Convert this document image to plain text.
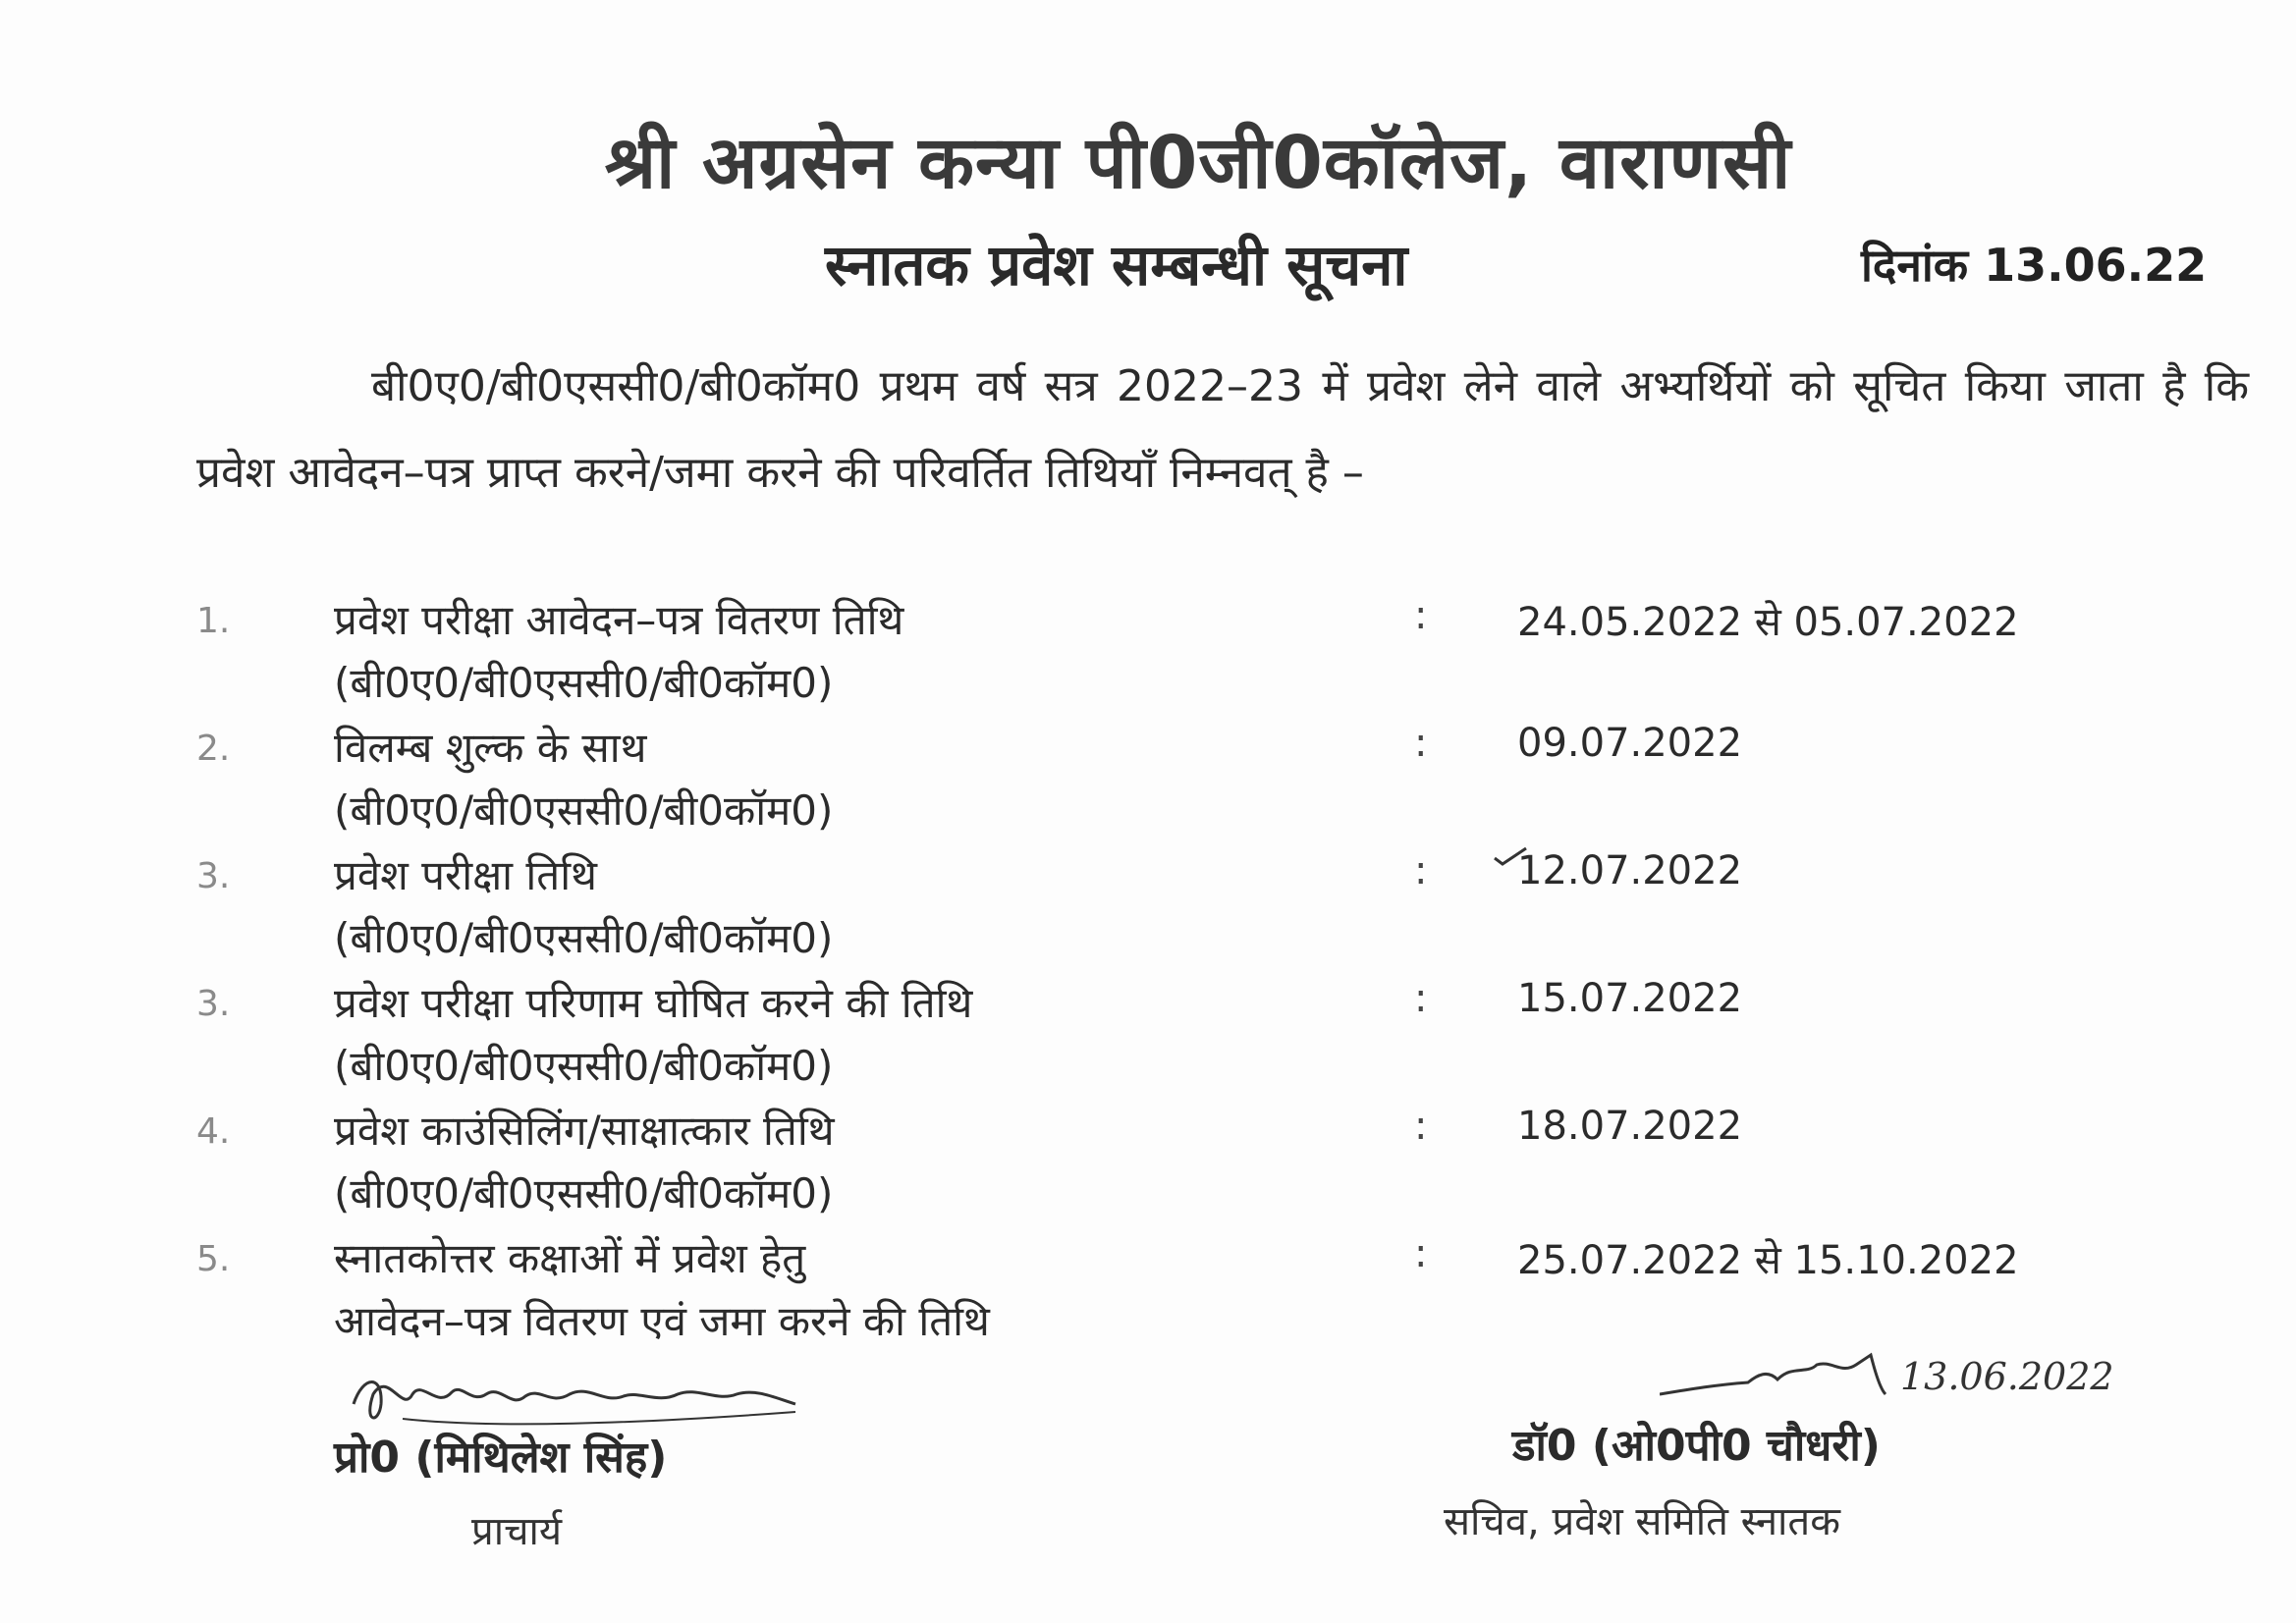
श्री अग्रसेन कन्या पी0जी0कॉलेज, वाराणसी
स्नातक प्रवेश सम्बन्धी सूचना	दिनांक 13.06.22
बी0ए0/बी0एससी0/बी0कॉम0 प्रथम वर्ष सत्र 2022–23 में प्रवेश लेने वाले अभ्यर्थियों को सूचित किया जाता है कि प्रवेश आवेदन–पत्र प्राप्त करने/जमा करने की परिवर्तित तिथियाँ निम्नवत् है –
1.	प्रवेश परीक्षा आवेदन–पत्र वितरण तिथि
(बी0ए0/बी0एससी0/बी0कॉम0)
: 24.05.2022 से 05.07.2022
2.	विलम्ब शुल्क के साथ
(बी0ए0/बी0एससी0/बी0कॉम0)
: 09.07.2022
3.	प्रवेश परीक्षा तिथि
(बी0ए0/बी0एससी0/बी0कॉम0)
: 12.07.2022
3.	प्रवेश परीक्षा परिणाम घोषित करने की तिथि
(बी0ए0/बी0एससी0/बी0कॉम0)
: 15.07.2022
4.	प्रवेश काउंसिलिंग/साक्षात्कार तिथि
(बी0ए0/बी0एससी0/बी0कॉम0)
: 18.07.2022
5.	स्नातकोत्तर कक्षाओं में प्रवेश हेतु
आवेदन–पत्र वितरण एवं जमा करने की तिथि
: 25.07.2022 से 15.10.2022
प्रो0 (मिथिलेश सिंह)
प्राचार्य
13.06.2022
डॉ0 (ओ0पी0 चौधरी)
सचिव, प्रवेश समिति स्नातक
